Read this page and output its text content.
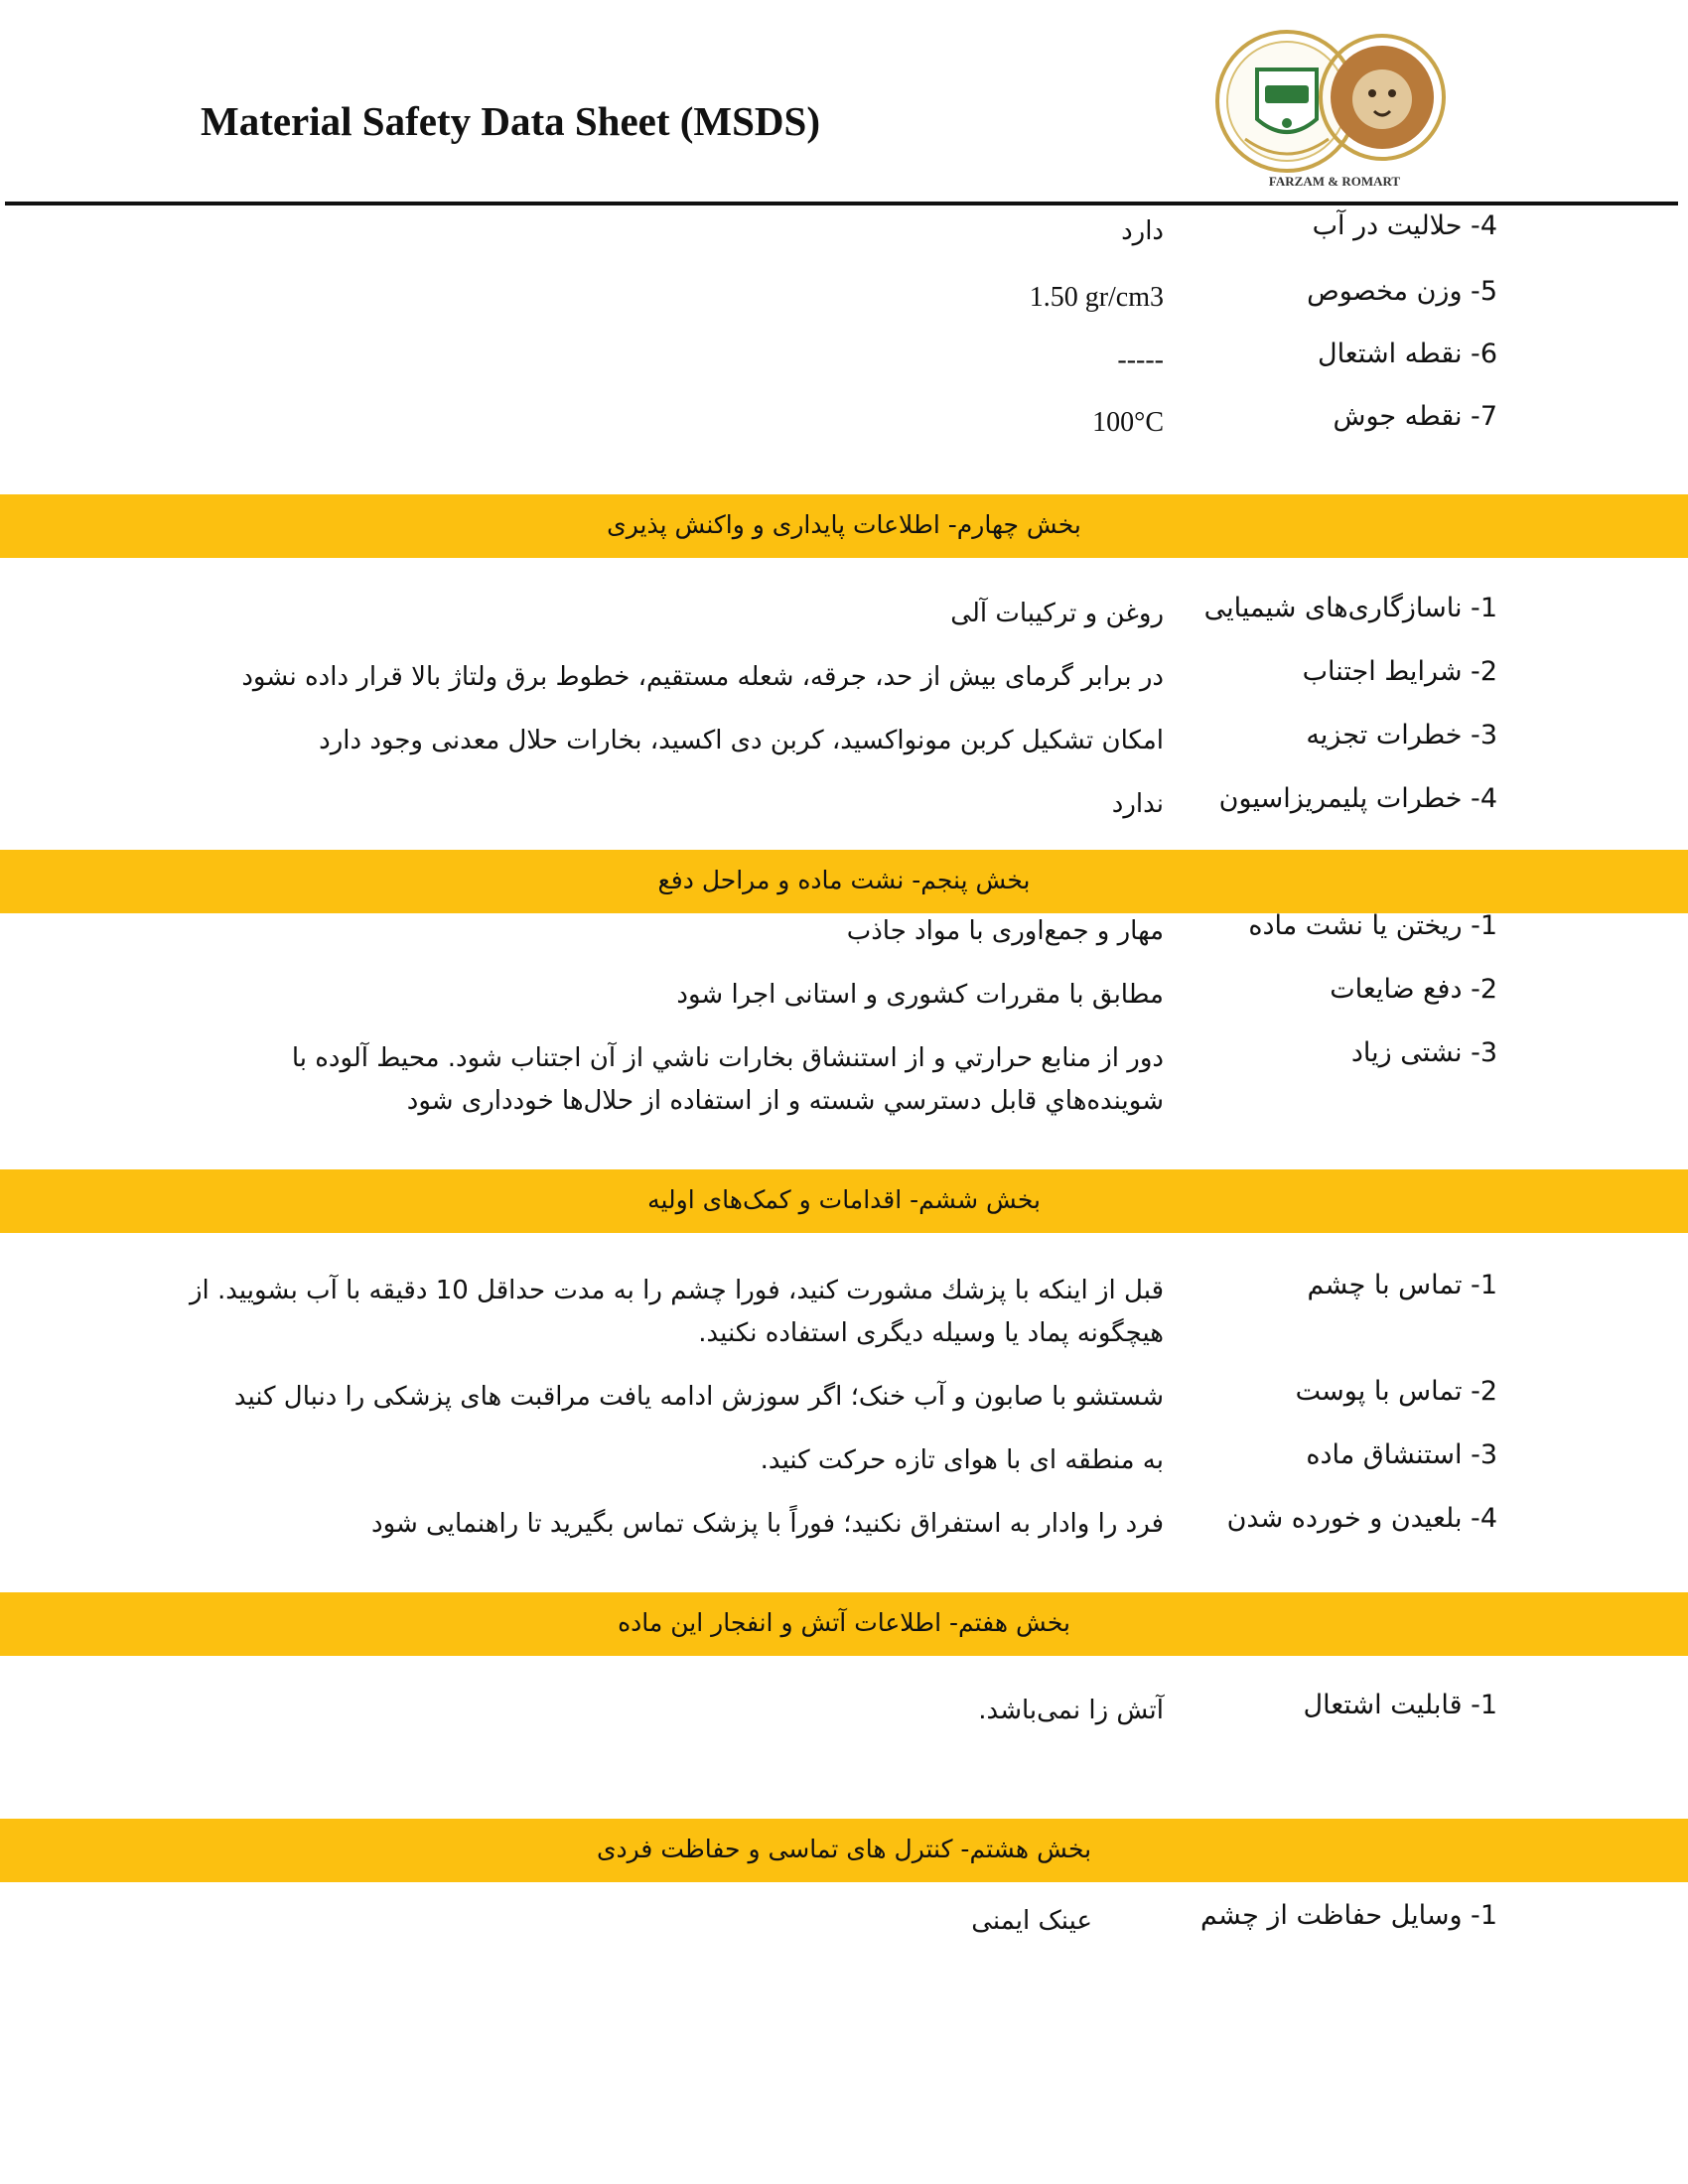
Material Safety Data Sheet (MSDS)
FARZAM & ROMART
4- حلالیت در آب
دارد
5- وزن مخصوص
1.50 gr/cm3
6- نقطه اشتعال
-----
7- نقطه جوش
100°C
بخش چهارم- اطلاعات پایداری و واکنش پذیری
1- ناسازگاری‌های شیمیایی
روغن و ترکیبات آلی
2- شرایط اجتناب
در برابر گرمای بیش از حد، جرقه، شعله مستقیم، خطوط برق ولتاژ بالا قرار داده نشود
3- خطرات تجزیه
امکان تشکیل کربن مونواکسید، کربن دی اکسید، بخارات حلال معدنی وجود دارد
4- خطرات پلیمریزاسیون
ندارد
بخش پنجم- نشت ماده و مراحل دفع
1- ریختن یا نشت ماده
مهار و جمع‌اوری با مواد جاذب
2- دفع ضایعات
مطابق با مقررات کشوری و استانی اجرا شود
3- نشتی زیاد
دور از منابع حرارتي و از استنشاق بخارات ناشي از آن اجتناب شود. محيط آلوده با شوينده‌هاي قابل دسترسي شسته و از استفاده از حلال‌ها خودداری شود
بخش ششم- اقدامات و کمک‌های اولیه
1- تماس با چشم
قبل از اینکه با پزشك مشورت کنید، فورا چشم را به مدت حداقل 10 دقیقه با آب بشویید. از هیچگونه پماد یا وسیله دیگری استفاده نکنید.
2- تماس با پوست
شستشو با صابون و آب خنک؛ اگر سوزش ادامه یافت مراقبت های پزشکی را دنبال کنید
3- استنشاق ماده
به منطقه ای با هوای تازه حرکت کنید.
4- بلعیدن و خورده شدن
فرد را وادار به استفراق نکنید؛ فوراً با پزشک تماس بگیرید تا راهنمایی شود
بخش هفتم- اطلاعات آتش و انفجار این ماده
1- قابلیت اشتعال
آتش زا نمی‌باشد.
بخش هشتم- کنترل های تماسی و حفاظت فردی
1- وسایل حفاظت از چشم
عینک ایمنی
